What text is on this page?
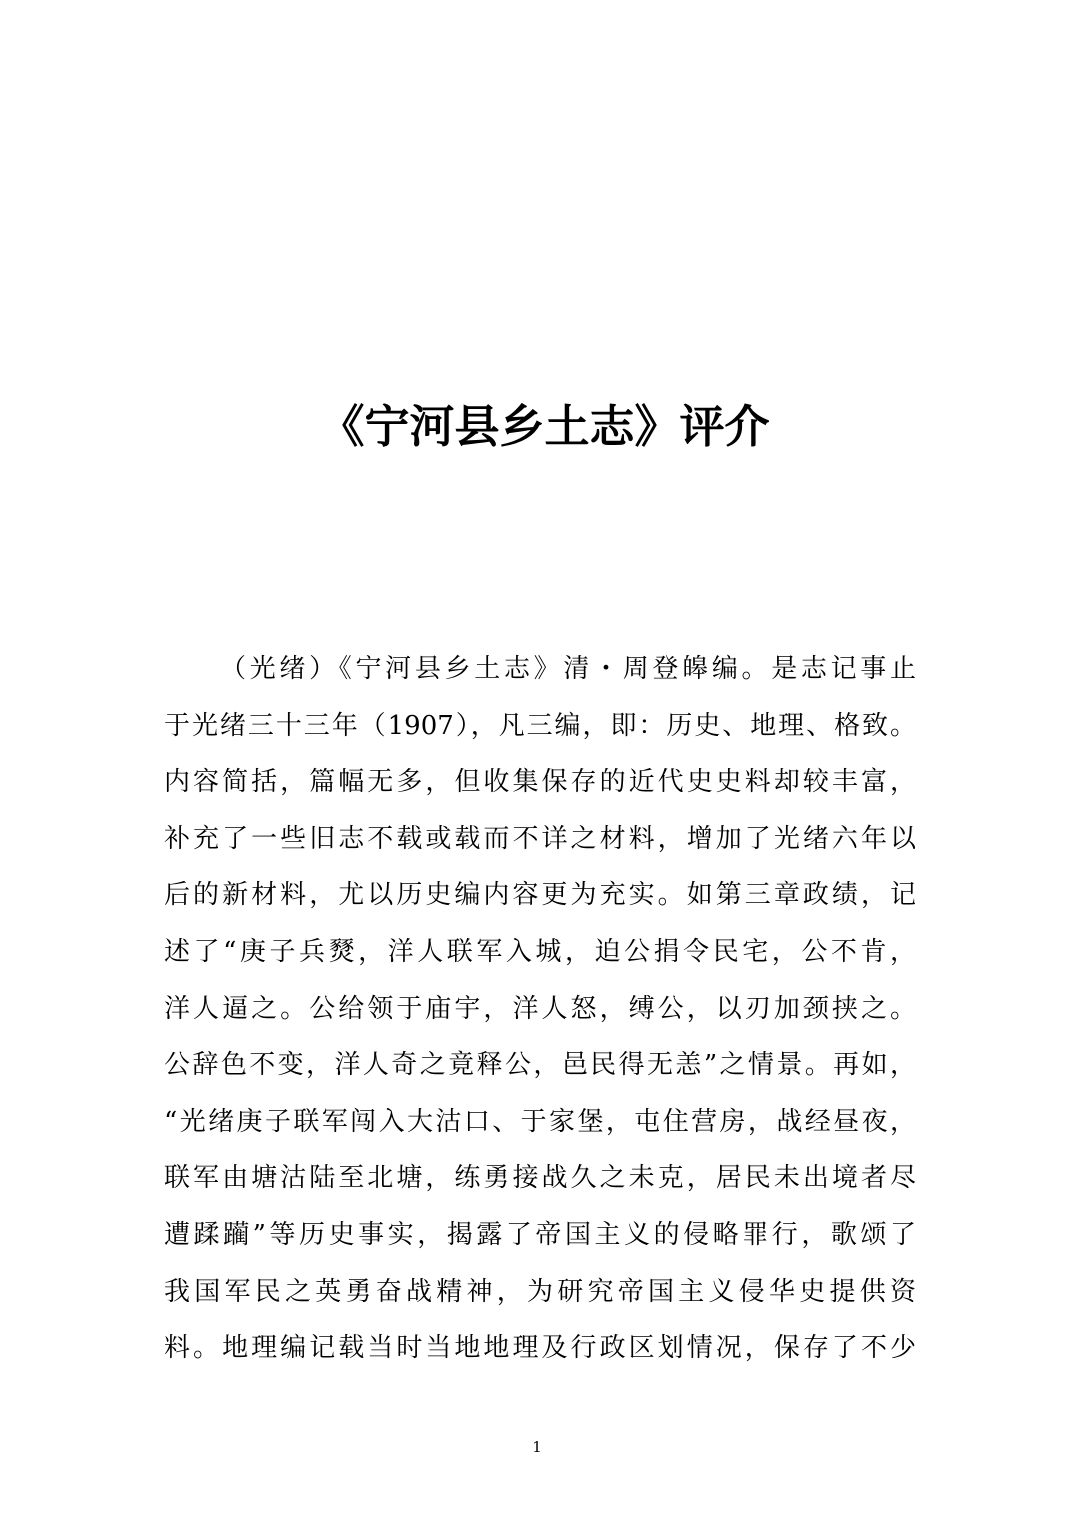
《宁河县乡土志》评介
（光绪）《宁河县乡土志》清・周登皞编。是志记事止
于光绪三十三年（1907），凡三编，即：历史、地理、格致。
内容简括，篇幅无多，但收集保存的近代史史料却较丰富，
补充了一些旧志不载或载而不详之材料，增加了光绪六年以
后的新材料，尤以历史编内容更为充实。如第三章政绩，记
述了“庚子兵燹，洋人联军入城，迫公捐令民宅，公不肯，
洋人逼之。公给领于庙宇，洋人怒，缚公，以刃加颈挟之。
公辞色不变，洋人奇之竟释公，邑民得无恙”之情景。再如，
“光绪庚子联军闯入大沽口、于家堡，屯住营房，战经昼夜，
联军由塘沽陆至北塘，练勇接战久之未克，居民未出境者尽
遭蹂躏”等历史事实，揭露了帝国主义的侵略罪行，歌颂了
我国军民之英勇奋战精神，为研究帝国主义侵华史提供资
料。地理编记载当时当地地理及行政区划情况，保存了不少
1
